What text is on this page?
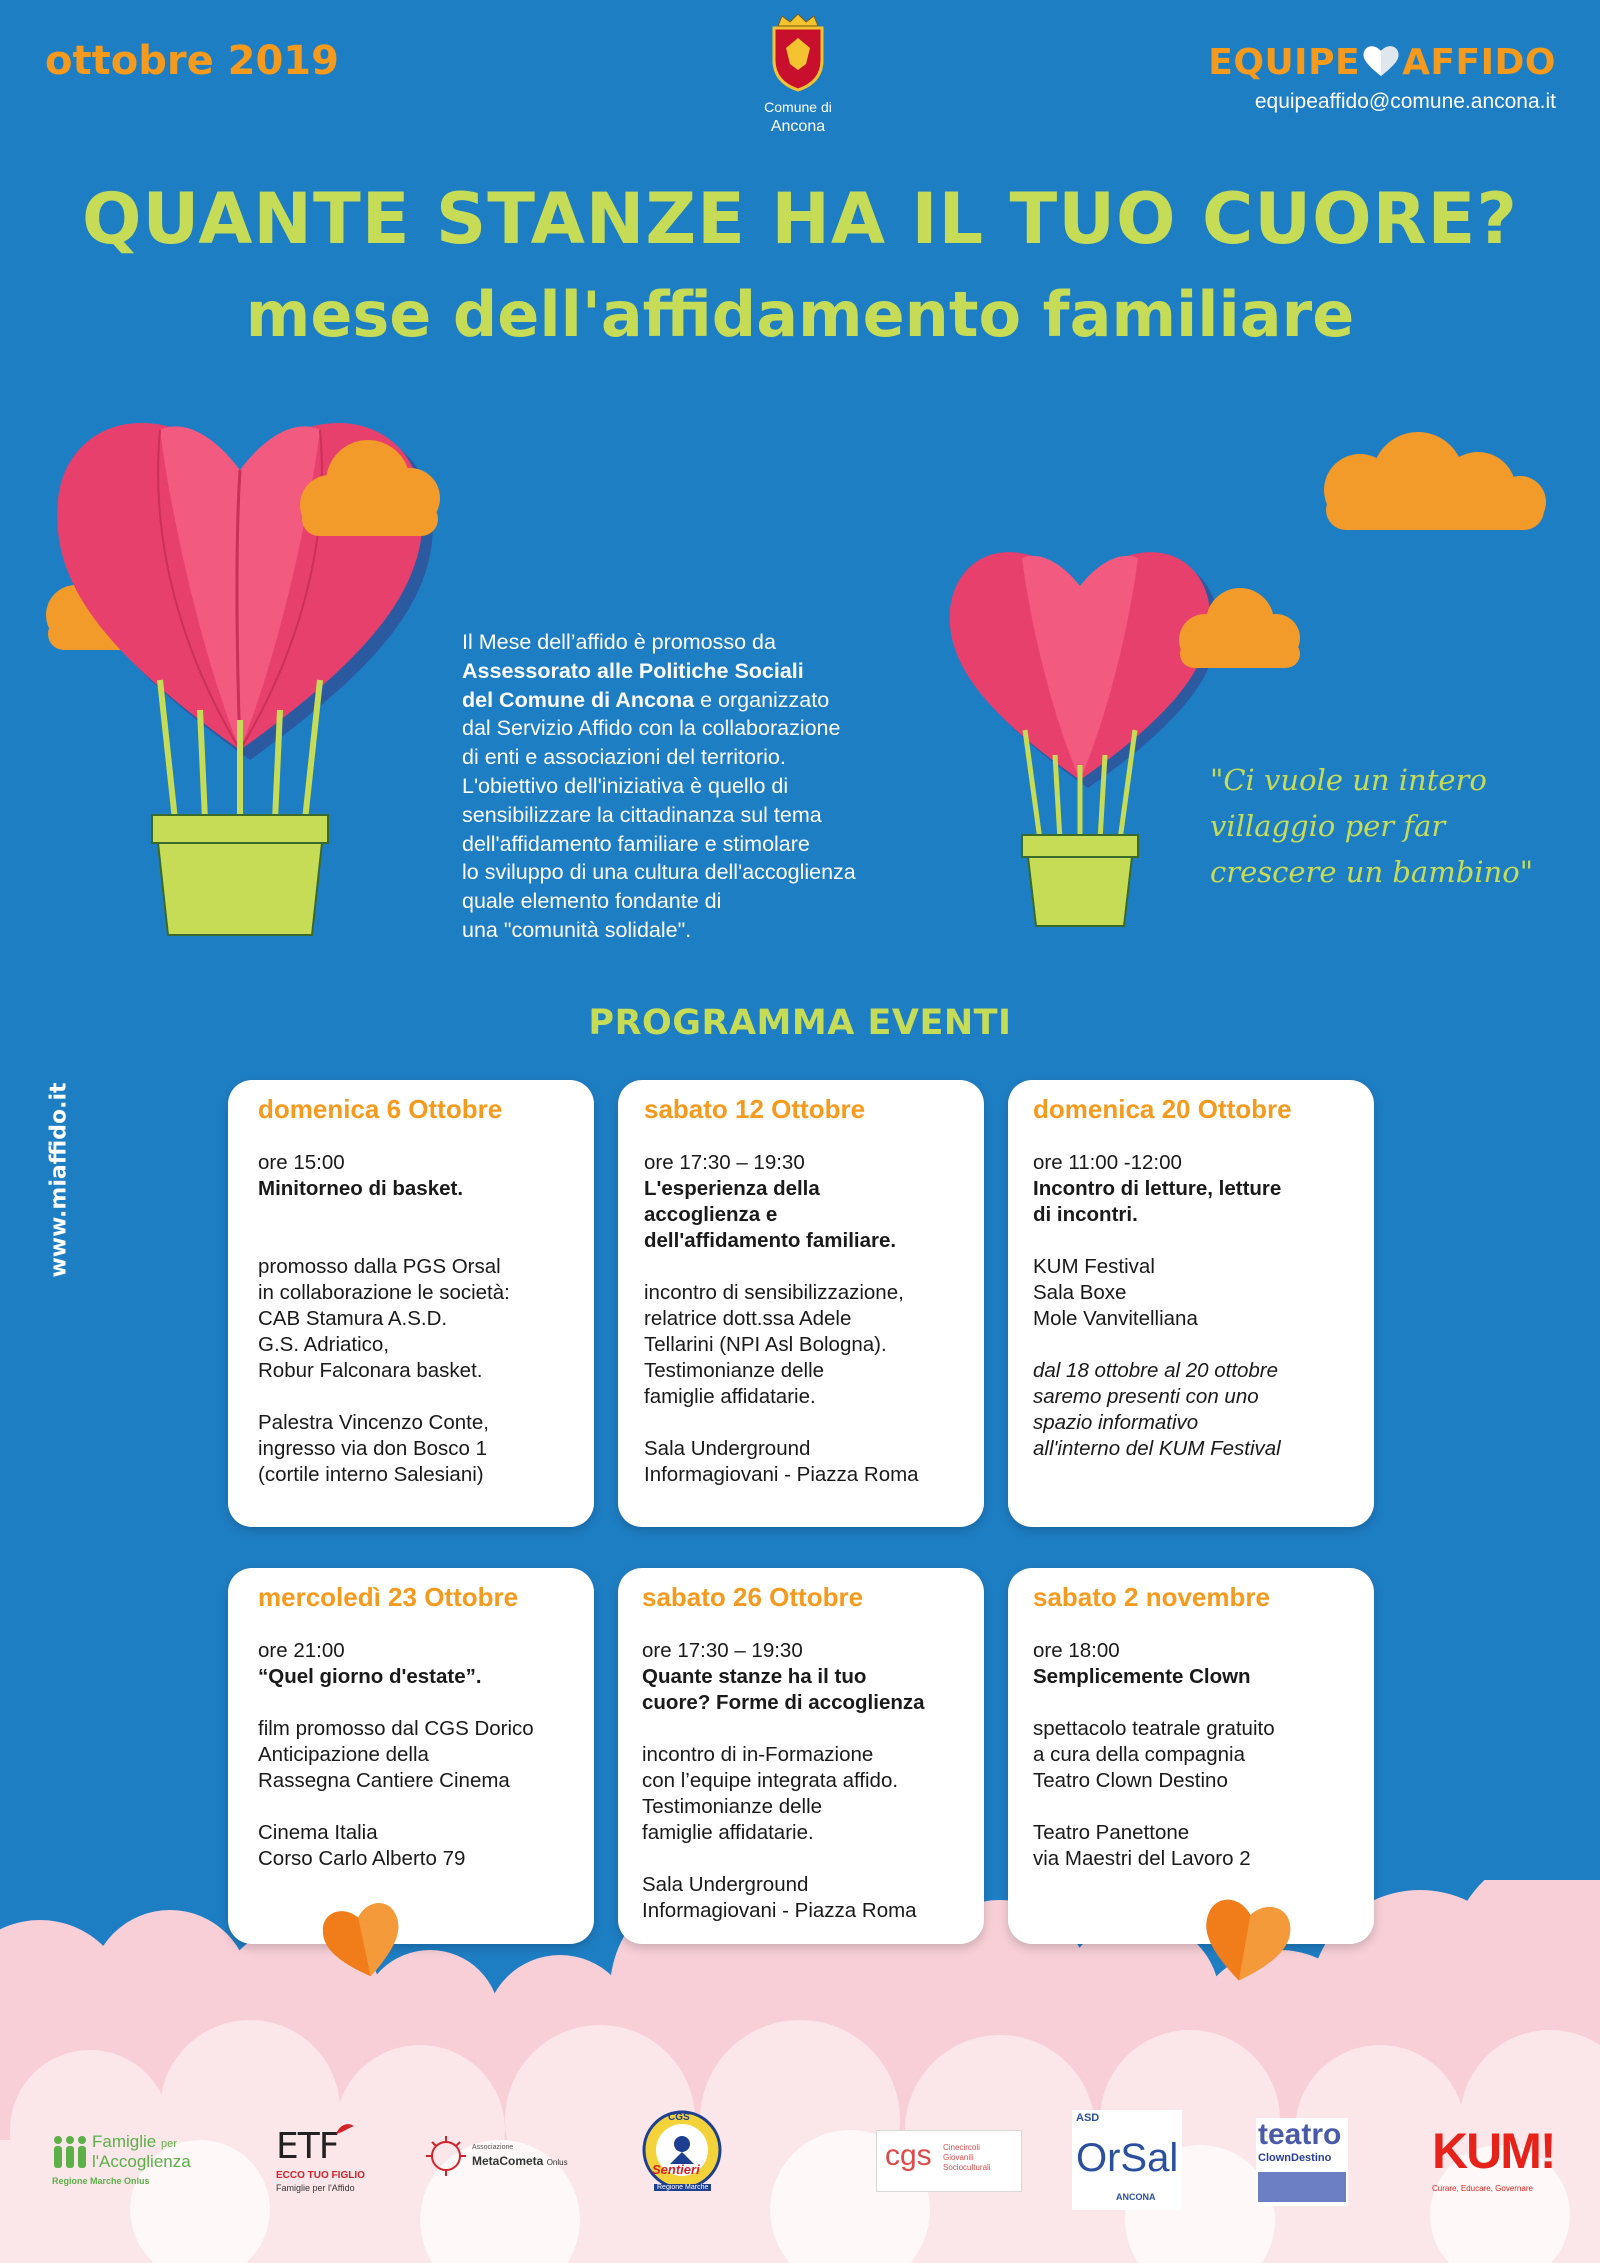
ottobre 2019
Comune di
Ancona
EQUIPE AFFIDO
equipeaffido@comune.ancona.it
QUANTE STANZE HA IL TUO CUORE?
mese dell'affidamento familiare
Il Mese dell’affido è promosso da
Assessorato alle Politiche Sociali
del Comune di Ancona e organizzato
dal Servizio Affido con la collaborazione
di enti e associazioni del territorio.
L'obiettivo dell'iniziativa è quello di
sensibilizzare la cittadinanza sul tema
dell'affidamento familiare e stimolare
lo sviluppo di una cultura dell'accoglienza
quale elemento fondante di
una "comunità solidale".
"Ci vuole un intero
villaggio per far
crescere un bambino"
PROGRAMMA EVENTI
www.miaffido.it	domenica 6 Ottobre

ore 15:00

Minitorneo di basket.

promosso dalla PGS Orsal

in collaborazione le società:

CAB Stamura A.S.D.

G.S. Adriatico,

Robur Falconara basket.

Palestra Vincenzo Conte,

ingresso via don Bosco 1

(cortile interno Salesiani)

sabato 12 Ottobre

ore 17:30 – 19:30

L'esperienza della

accoglienza e

dell'affidamento familiare.

incontro di sensibilizzazione,

relatrice dott.ssa Adele

Tellarini (NPI Asl Bologna).

Testimonianze delle

famiglie affidatarie.

Sala Underground

Informagiovani - Piazza Roma

domenica 20 Ottobre

ore 11:00 -12:00

Incontro di letture, letture

di incontri.

KUM Festival

Sala Boxe

Mole Vanvitelliana

dal 18 ottobre al 20 ottobre

saremo presenti con uno

spazio informativo

all'interno del KUM Festival

mercoledì 23 Ottobre

ore 21:00

“Quel giorno d'estate”.

film promosso dal CGS Dorico

Anticipazione della

Rassegna Cantiere Cinema

Cinema Italia

Corso Carlo Alberto 79

sabato 26 Ottobre

ore 17:30 – 19:30

Quante stanze ha il tuo

cuore? Forme di accoglienza

incontro di in-Formazione

con l’equipe integrata affido.

Testimonianze delle

famiglie affidatarie.

Sala Underground

Informagiovani - Piazza Roma

sabato 2 novembre

ore 18:00

Semplicemente Clown

spettacolo teatrale gratuito

a cura della compagnia

Teatro Clown Destino

Teatro Panettone

via Maestri del Lavoro 2

Famiglie per
l'Accoglienza
Regione Marche Onlus
ETF
ECCO TUO FIGLIO
Famiglie per l'Affido
Associazione
MetaCometa Onlus
CGS
Sentieri
Regione Marche
cgs Cinecircoli
Giovanili
Socioculturali
ASD
OrSal
ANCONA
teatro
ClownDestino KUM!
Curare, Educare, Governare
